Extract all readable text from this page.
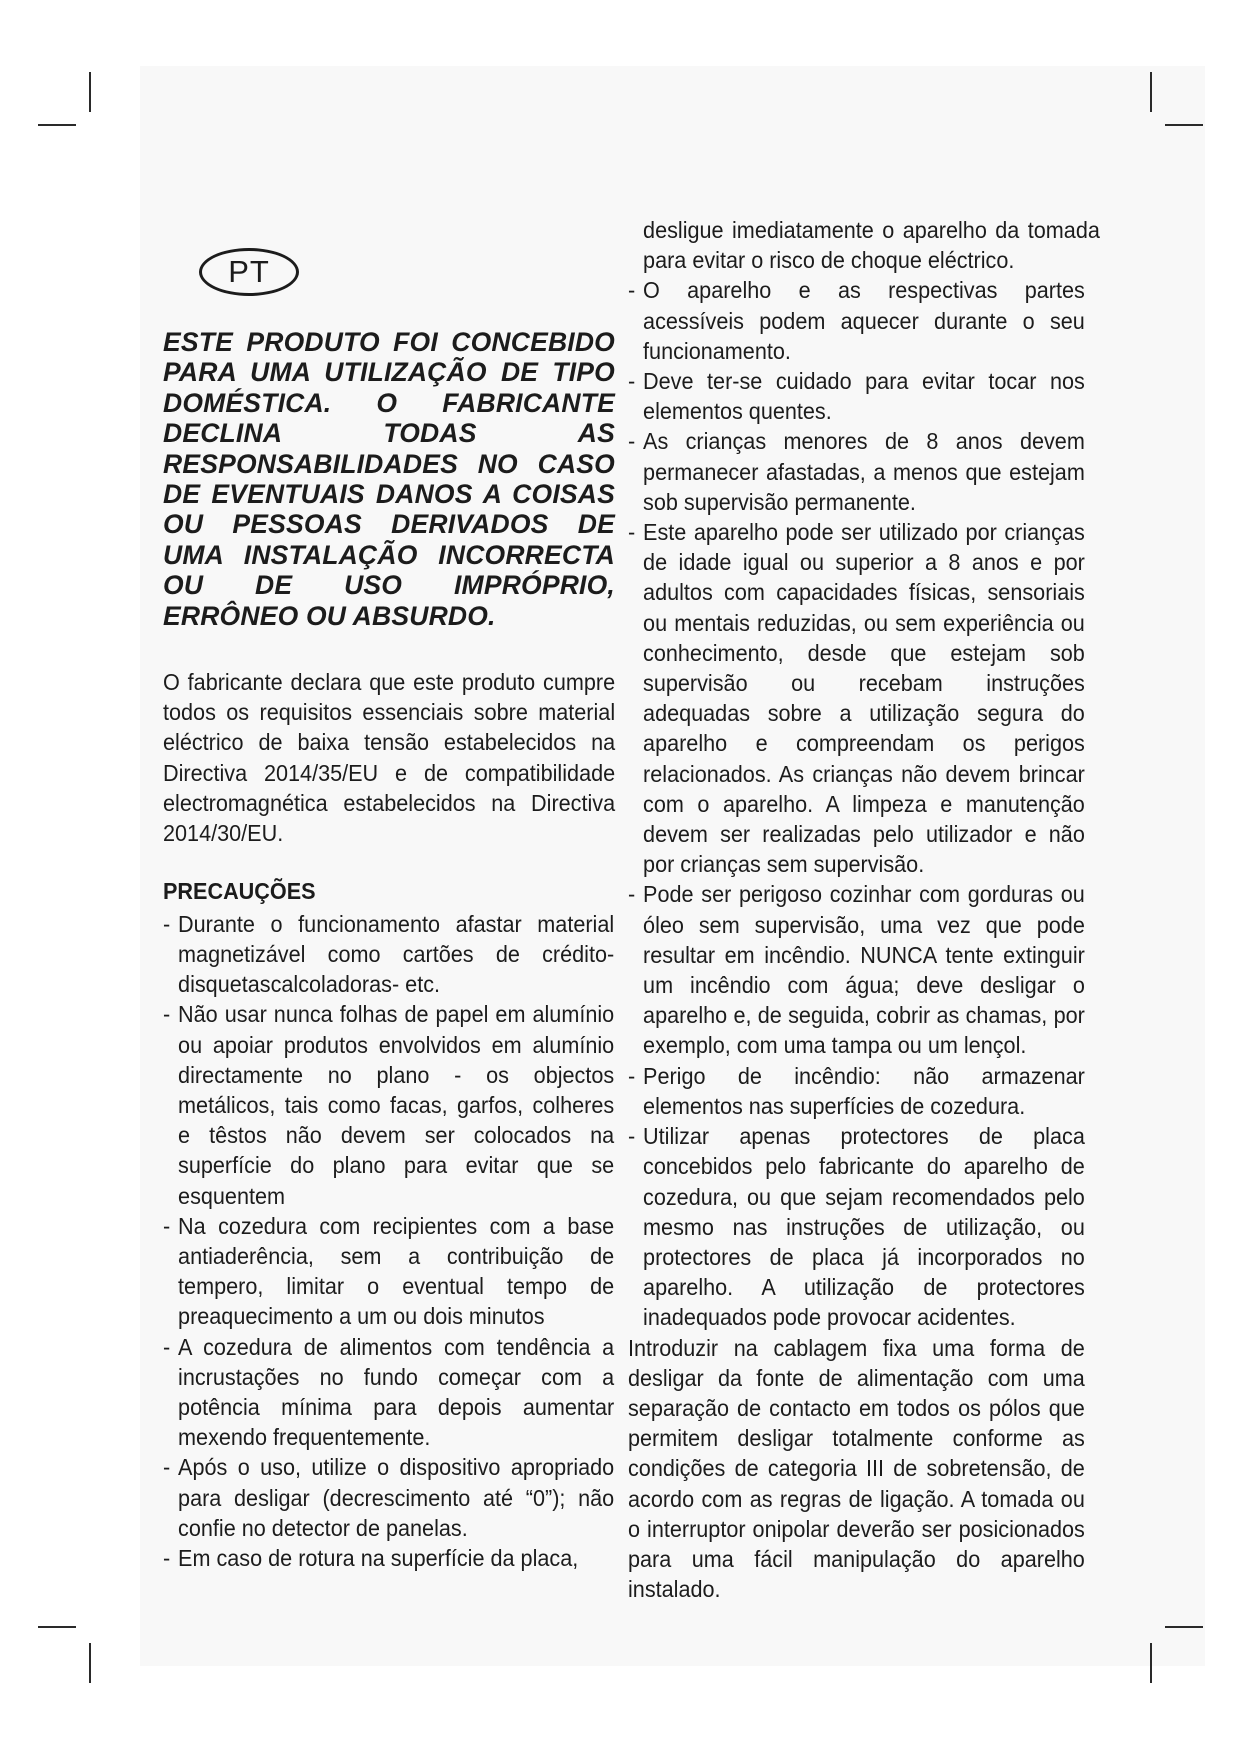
PT

ESTE PRODUTO FOI CONCEBIDO PARA UMA UTILIZAÇÃO DE TIPO DOMÉSTICA. O FABRICANTE DECLINA TODAS AS RESPONSABILIDADES NO CASO DE EVENTUAIS DANOS A COISAS OU PESSOAS DERIVADOS DE UMA INSTALAÇÃO INCORRECTA OU DE USO IMPRÓPRIO, ERRÔNEO OU ABSURDO.

O fabricante declara que este produto cumpre todos os requisitos essenciais sobre material eléctrico de baixa tensão estabelecidos na Directiva 2014/35/EU e de compatibilidade electromagnética estabelecidos na Directiva 2014/30/EU.

PRECAUÇÕES
- Durante o funcionamento afastar material magnetizável como cartões de crédito-disquetascalcoladoras- etc.
- Não usar nunca folhas de papel em alumínio ou apoiar produtos envolvidos em alumínio directamente no plano - os objectos metálicos, tais como facas, garfos, colheres e têstos não devem ser colocados na superfície do plano para evitar que se esquentem
- Na cozedura com recipientes com a base antiaderência, sem a contribuição de tempero, limitar o eventual tempo de preaquecimento a um ou dois minutos
- A cozedura de alimentos com tendência a incrustações no fundo começar com a potência mínima para depois aumentar mexendo frequentemente.
- Após o uso, utilize o dispositivo apropriado para desligar (decrescimento até “0”); não confie no detector de panelas.
- Em caso de rotura na superfície da placa,

desligue imediatamente o aparelho da tomada para evitar o risco de choque eléctrico.

- O aparelho e as respectivas partes acessíveis podem aquecer durante o seu funcionamento.
- Deve ter-se cuidado para evitar tocar nos elementos quentes.
- As crianças menores de 8 anos devem permanecer afastadas, a menos que estejam sob supervisão permanente.
- Este aparelho pode ser utilizado por crianças de idade igual ou superior a 8 anos e por adultos com capacidades físicas, sensoriais ou mentais reduzidas, ou sem experiência ou conhecimento, desde que estejam sob supervisão ou recebam instruções adequadas sobre a utilização segura do aparelho e compreendam os perigos relacionados. As crianças não devem brincar com o aparelho. A limpeza e manutenção devem ser realizadas pelo utilizador e não por crianças sem supervisão.
- Pode ser perigoso cozinhar com gorduras ou óleo sem supervisão, uma vez que pode resultar em incêndio. NUNCA tente extinguir um incêndio com água; deve desligar o aparelho e, de seguida, cobrir as chamas, por exemplo, com uma tampa ou um lençol.
- Perigo de incêndio: não armazenar elementos nas superfícies de cozedura.
- Utilizar apenas protectores de placa concebidos pelo fabricante do aparelho de cozedura, ou que sejam recomendados pelo mesmo nas instruções de utilização, ou protectores de placa já incorporados no aparelho. A utilização de protectores inadequados pode provocar acidentes.

Introduzir na cablagem fixa uma forma de desligar da fonte de alimentação com uma separação de contacto em todos os pólos que permitem desligar totalmente conforme as condições de categoria III de sobretensão, de acordo com as regras de ligação. A tomada ou o interruptor onipolar deverão ser posicionados para uma fácil manipulação do aparelho instalado.
